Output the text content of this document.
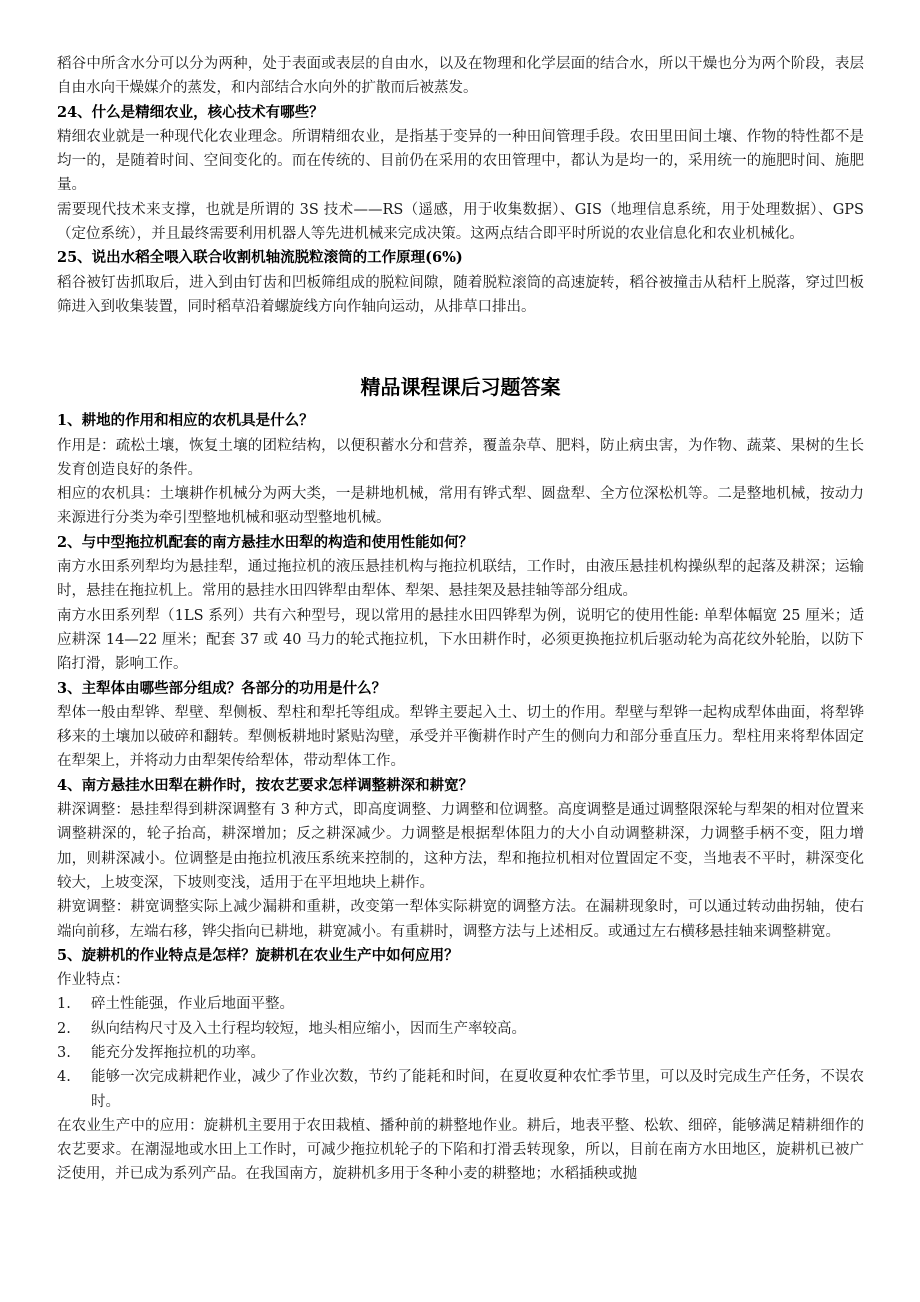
稻谷中所含水分可以分为两种，处于表面或表层的自由水，以及在物理和化学层面的结合水，所以干燥也分为两个阶段，表层自由水向干燥媒介的蒸发，和内部结合水向外的扩散而后被蒸发。

24、什么是精细农业，核心技术有哪些？

精细农业就是一种现代化农业理念。所谓精细农业，是指基于变异的一种田间管理手段。农田里田间土壤、作物的特性都不是均一的，是随着时间、空间变化的。而在传统的、目前仍在采用的农田管理中，都认为是均一的，采用统一的施肥时间、施肥量。

需要现代技术来支撑，也就是所谓的 3S 技术——RS（遥感，用于收集数据）、GIS（地理信息系统，用于处理数据）、GPS（定位系统），并且最终需要利用机器人等先进机械来完成决策。这两点结合即平时所说的农业信息化和农业机械化。

25、说出水稻全喂入联合收割机轴流脱粒滚筒的工作原理(6%)

稻谷被钉齿抓取后，进入到由钉齿和凹板筛组成的脱粒间隙，随着脱粒滚筒的高速旋转，稻谷被撞击从秸杆上脱落，穿过凹板筛进入到收集装置，同时稻草沿着螺旋线方向作轴向运动，从排草口排出。

精品课程课后习题答案

1、耕地的作用和相应的农机具是什么？

作用是：疏松土壤，恢复土壤的团粒结构，以便积蓄水分和营养，覆盖杂草、肥料，防止病虫害，为作物、蔬菜、果树的生长发育创造良好的条件。

相应的农机具：土壤耕作机械分为两大类，一是耕地机械，常用有铧式犁、圆盘犁、全方位深松机等。二是整地机械，按动力来源进行分类为牵引型整地机械和驱动型整地机械。

2、与中型拖拉机配套的南方悬挂水田犁的构造和使用性能如何？

南方水田系列犁均为悬挂犁，通过拖拉机的液压悬挂机构与拖拉机联结，工作时，由液压悬挂机构操纵犁的起落及耕深；运输时，悬挂在拖拉机上。常用的悬挂水田四铧犁由犁体、犁架、悬挂架及悬挂轴等部分组成。

南方水田系列犁（1LS 系列）共有六种型号，现以常用的悬挂水田四铧犁为例，说明它的使用性能: 单犁体幅宽 25 厘米；适应耕深 14—22 厘米；配套 37 或 40 马力的轮式拖拉机，下水田耕作时，必须更换拖拉机后驱动轮为高花纹外轮胎，以防下陷打滑，影响工作。

3、主犁体由哪些部分组成？各部分的功用是什么？

犁体一般由犁铧、犁壁、犁侧板、犁柱和犁托等组成。犁铧主要起入土、切土的作用。犁壁与犁铧一起构成犁体曲面，将犁铧移来的土壤加以破碎和翻转。犁侧板耕地时紧贴沟壁，承受并平衡耕作时产生的侧向力和部分垂直压力。犁柱用来将犁体固定在犁架上，并将动力由犁架传给犁体，带动犁体工作。

4、南方悬挂水田犁在耕作时，按农艺要求怎样调整耕深和耕宽？

耕深调整：悬挂犁得到耕深调整有 3 种方式，即高度调整、力调整和位调整。高度调整是通过调整限深轮与犁架的相对位置来调整耕深的，轮子抬高，耕深增加；反之耕深减少。力调整是根据犁体阻力的大小自动调整耕深，力调整手柄不变，阻力增加，则耕深减小。位调整是由拖拉机液压系统来控制的，这种方法，犁和拖拉机相对位置固定不变，当地表不平时，耕深变化较大，上坡变深，下坡则变浅，适用于在平坦地块上耕作。

耕宽调整：耕宽调整实际上减少漏耕和重耕，改变第一犁体实际耕宽的调整方法。在漏耕现象时，可以通过转动曲拐轴，使右端向前移，左端右移，铧尖指向已耕地，耕宽减小。有重耕时，调整方法与上述相反。或通过左右横移悬挂轴来调整耕宽。

5、旋耕机的作业特点是怎样？旋耕机在农业生产中如何应用？

作业特点：

1.	碎土性能强，作业后地面平整。
2.	纵向结构尺寸及入土行程均较短，地头相应缩小，因而生产率较高。
3.	能充分发挥拖拉机的功率。
4.	能够一次完成耕耙作业，减少了作业次数，节约了能耗和时间，在夏收夏种农忙季节里，可以及时完成生产任务，不误农时。

在农业生产中的应用：旋耕机主要用于农田栽植、播种前的耕整地作业。耕后，地表平整、松软、细碎，能够满足精耕细作的农艺要求。在潮湿地或水田上工作时，可减少拖拉机轮子的下陷和打滑丢转现象，所以，目前在南方水田地区，旋耕机已被广泛使用，并已成为系列产品。在我国南方，旋耕机多用于冬种小麦的耕整地；水稻插秧或抛
